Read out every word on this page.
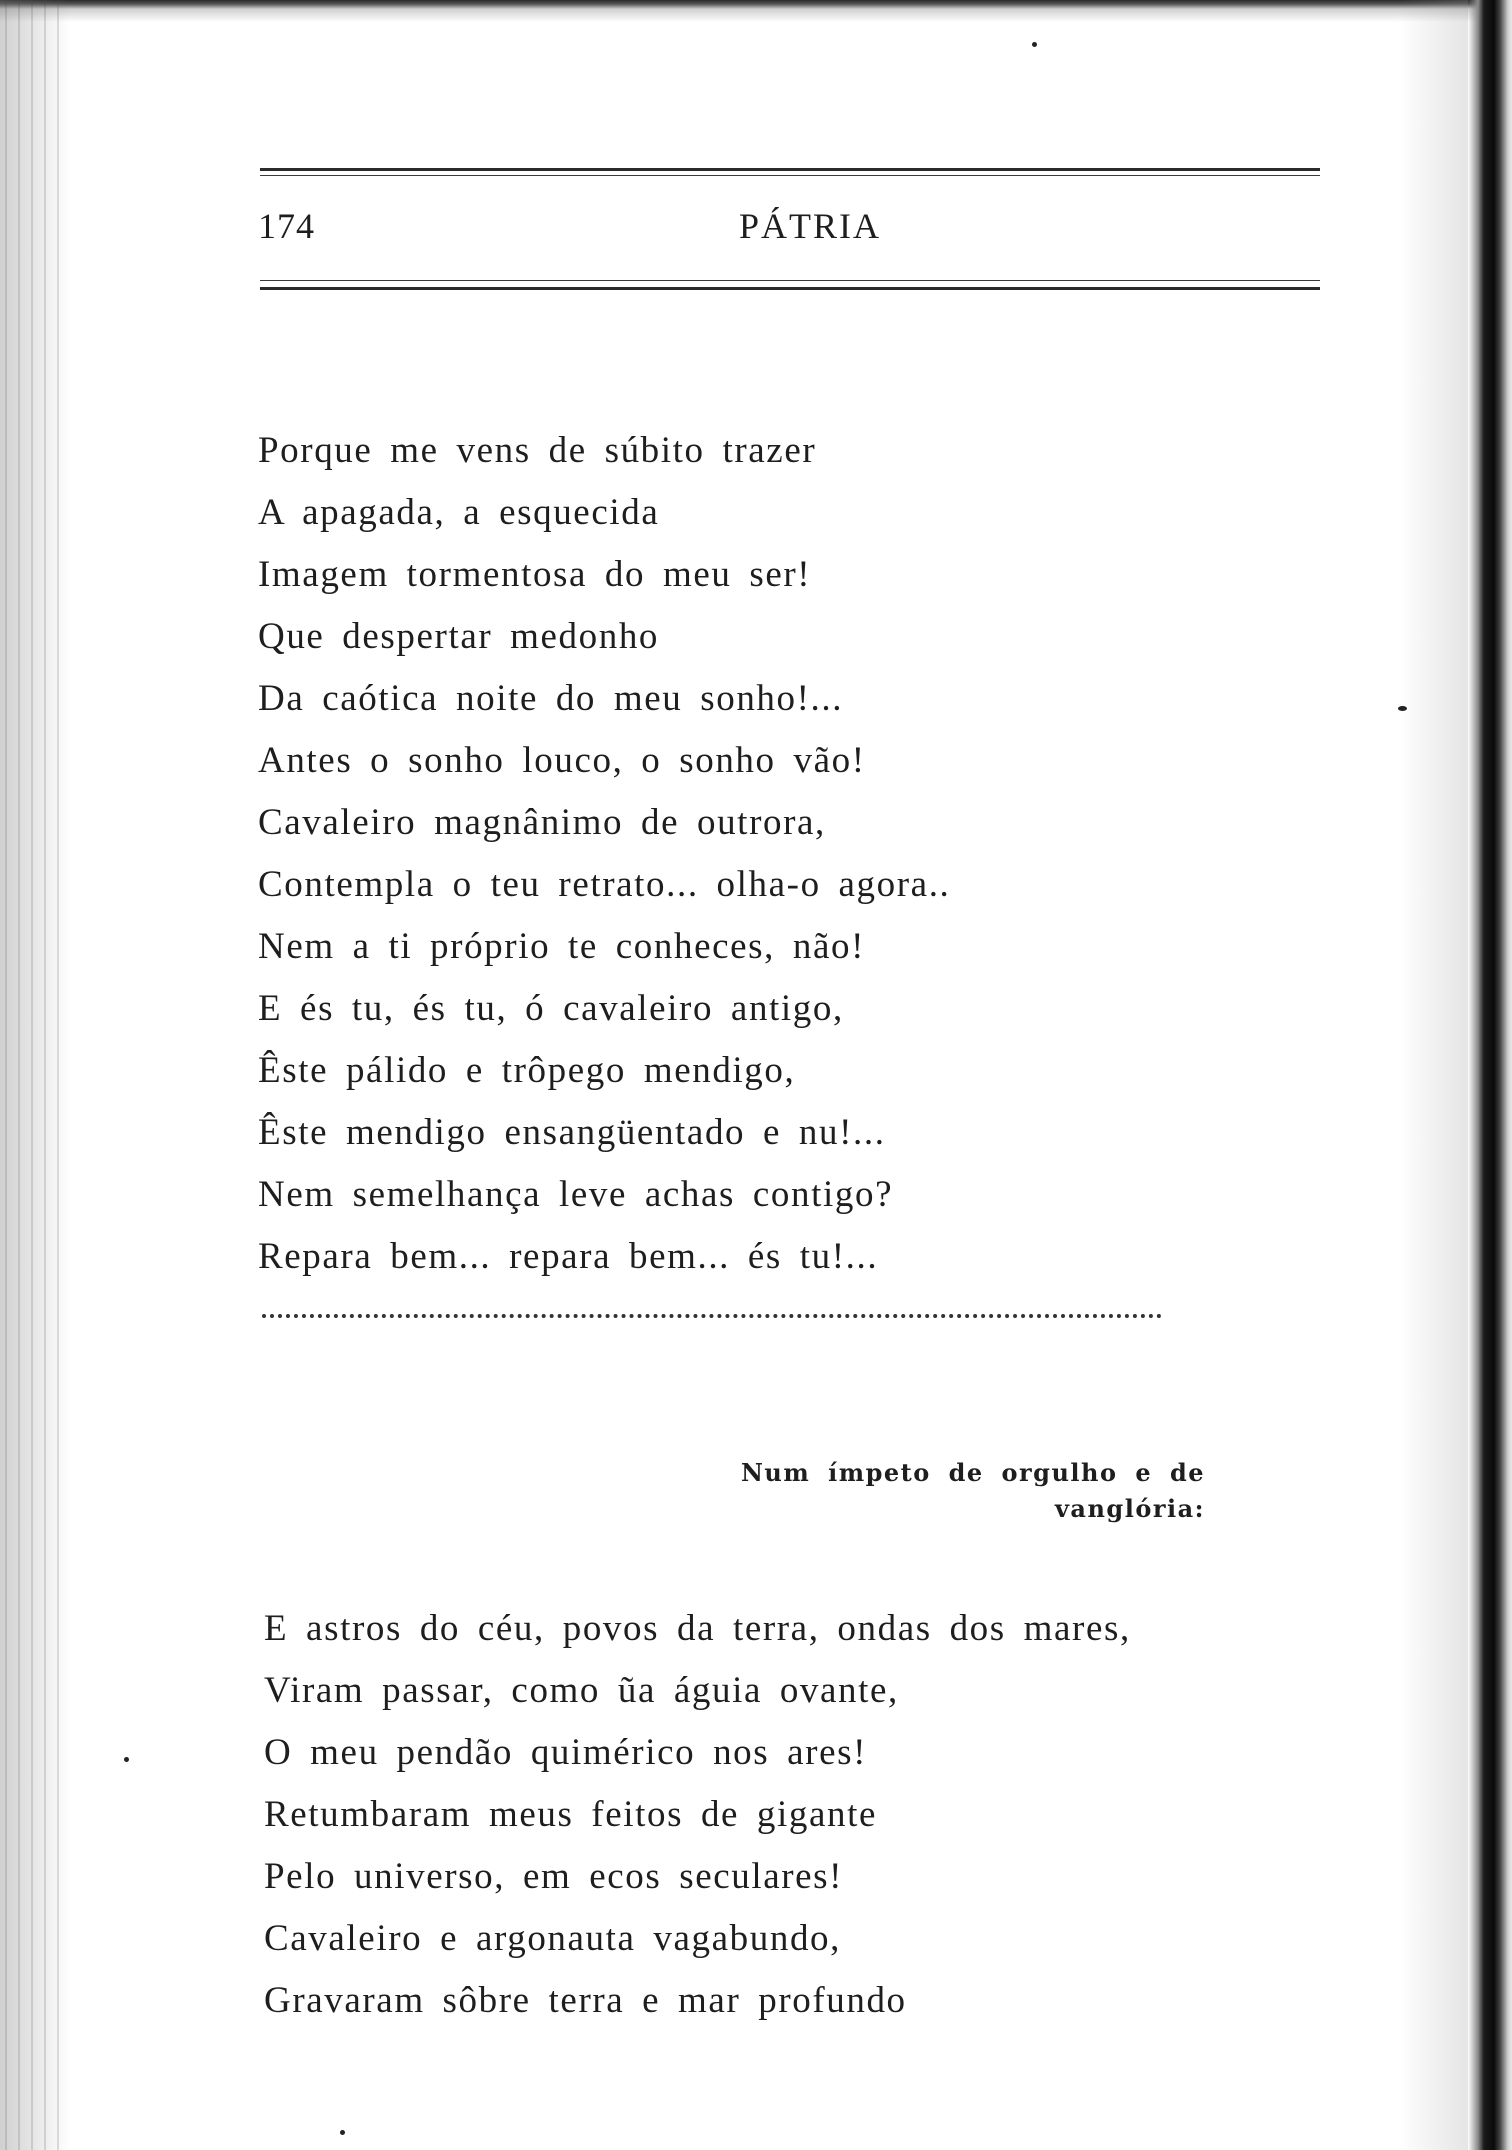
174	PÁTRIA
Porque me vens de súbito trazer
A apagada, a esquecida
Imagem tormentosa do meu ser!
Que despertar medonho
Da caótica noite do meu sonho!...
Antes o sonho louco, o sonho vão!
Cavaleiro magnânimo de outrora,
Contempla o teu retrato... olha-o agora..
Nem a ti próprio te conheces, não!
E és tu, és tu, ó cavaleiro antigo,
Êste pálido e trôpego mendigo,
Êste mendigo ensangüentado e nu!...
Nem semelhança leve achas contigo?
Repara bem... repara bem... és tu!...
Num ímpeto de orgulho e de vanglória:
E astros do céu, povos da terra, ondas dos mares,
Viram passar, como ũa águia ovante,
O meu pendão quimérico nos ares!
Retumbaram meus feitos de gigante
Pelo universo, em ecos seculares!
Cavaleiro e argonauta vagabundo,
Gravaram sôbre terra e mar profundo
